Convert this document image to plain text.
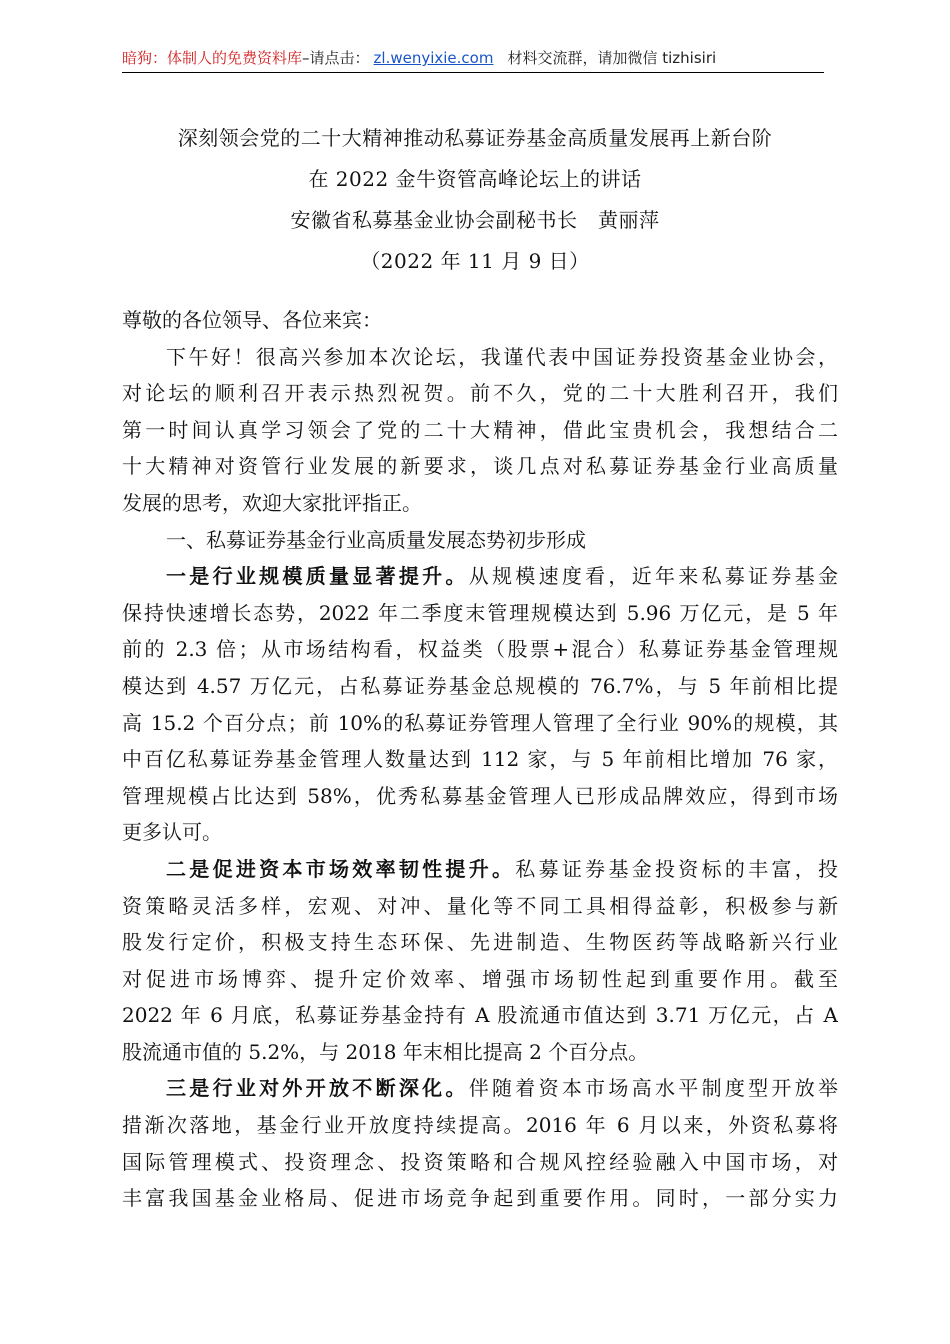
暗狗：体制人的免费资料库–请点击： zl.wenyixie.com 材料交流群，请加微信 tizhisiri
深刻领会党的二十大精神推动私募证券基金高质量发展再上新台阶
在 2022 金牛资管高峰论坛上的讲话
安徽省私募基金业协会副秘书长　黄丽萍
（2022 年 11 月 9 日）
尊敬的各位领导、各位来宾：
下午好！很高兴参加本次论坛，我谨代表中国证券投资基金业协会，
对论坛的顺利召开表示热烈祝贺。前不久，党的二十大胜利召开，我们
第一时间认真学习领会了党的二十大精神，借此宝贵机会，我想结合二
十大精神对资管行业发展的新要求，谈几点对私募证券基金行业高质量
发展的思考，欢迎大家批评指正。
一、私募证券基金行业高质量发展态势初步形成
一是行业规模质量显著提升。从规模速度看，近年来私募证券基金
保持快速增长态势，2022 年二季度末管理规模达到 5.96 万亿元，是 5 年
前的 2.3 倍；从市场结构看，权益类（股票+混合）私募证券基金管理规
模达到 4.57 万亿元，占私募证券基金总规模的 76.7%，与 5 年前相比提
高 15.2 个百分点；前 10%的私募证券管理人管理了全行业 90%的规模，其
中百亿私募证券基金管理人数量达到 112 家，与 5 年前相比增加 76 家，
管理规模占比达到 58%，优秀私募基金管理人已形成品牌效应，得到市场
更多认可。
二是促进资本市场效率韧性提升。私募证券基金投资标的丰富，投
资策略灵活多样，宏观、对冲、量化等不同工具相得益彰，积极参与新
股发行定价，积极支持生态环保、先进制造、生物医药等战略新兴行业
对促进市场博弈、提升定价效率、增强市场韧性起到重要作用。截至
2022 年 6 月底，私募证券基金持有 A 股流通市值达到 3.71 万亿元，占 A
股流通市值的 5.2%，与 2018 年末相比提高 2 个百分点。
三是行业对外开放不断深化。伴随着资本市场高水平制度型开放举
措渐次落地，基金行业开放度持续提高。2016 年 6 月以来，外资私募将
国际管理模式、投资理念、投资策略和合规风控经验融入中国市场，对
丰富我国基金业格局、促进市场竞争起到重要作用。同时，一部分实力
